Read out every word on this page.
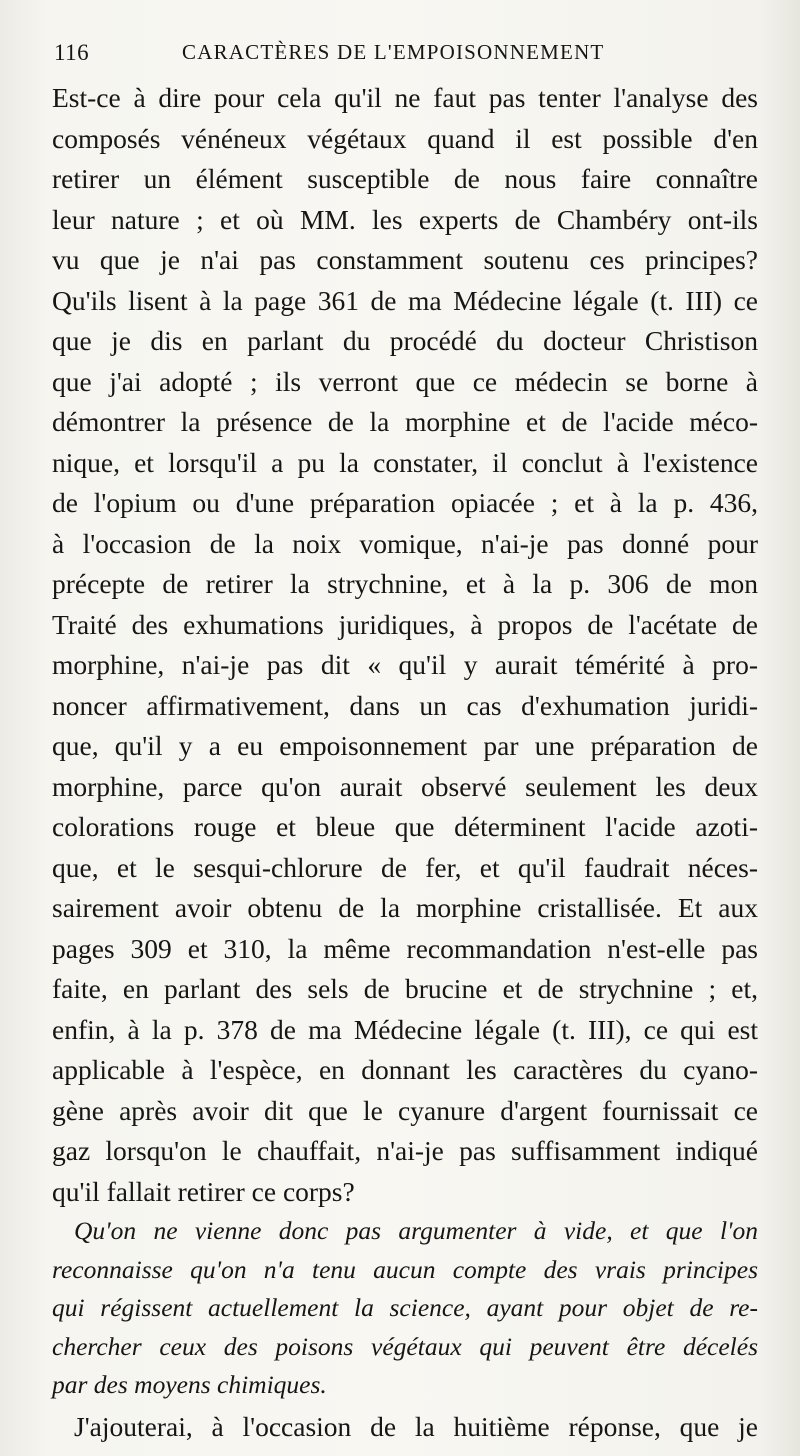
116	CARACTÈRES DE L'EMPOISONNEMENT
Est-ce à dire pour cela qu'il ne faut pas tenter l'analyse des
composés vénéneux végétaux quand il est possible d'en
retirer un élément susceptible de nous faire connaître
leur nature ; et où MM. les experts de Chambéry ont-ils
vu que je n'ai pas constamment soutenu ces principes?
Qu'ils lisent à la page 361 de ma Médecine légale (t. III) ce
que je dis en parlant du procédé du docteur Christison
que j'ai adopté ; ils verront que ce médecin se borne à
démontrer la présence de la morphine et de l'acide méco-
nique, et lorsqu'il a pu la constater, il conclut à l'existence
de l'opium ou d'une préparation opiacée ; et à la p. 436,
à l'occasion de la noix vomique, n'ai-je pas donné pour
précepte de retirer la strychnine, et à la p. 306 de mon
Traité des exhumations juridiques, à propos de l'acétate de
morphine, n'ai-je pas dit « qu'il y aurait témérité à pro-
noncer affirmativement, dans un cas d'exhumation juridi-
que, qu'il y a eu empoisonnement par une préparation de
morphine, parce qu'on aurait observé seulement les deux
colorations rouge et bleue que déterminent l'acide azoti-
que, et le sesqui-chlorure de fer, et qu'il faudrait néces-
sairement avoir obtenu de la morphine cristallisée. Et aux
pages 309 et 310, la même recommandation n'est-elle pas
faite, en parlant des sels de brucine et de strychnine ; et,
enfin, à la p. 378 de ma Médecine légale (t. III), ce qui est
applicable à l'espèce, en donnant les caractères du cyano-
gène après avoir dit que le cyanure d'argent fournissait ce
gaz lorsqu'on le chauffait, n'ai-je pas suffisamment indiqué
qu'il fallait retirer ce corps?
Qu'on ne vienne donc pas argumenter à vide, et que l'on
reconnaisse qu'on n'a tenu aucun compte des vrais principes
qui régissent actuellement la science, ayant pour objet de re-
chercher ceux des poisons végétaux qui peuvent être décelés
par des moyens chimiques.
J'ajouterai, à l'occasion de la huitième réponse, que je
